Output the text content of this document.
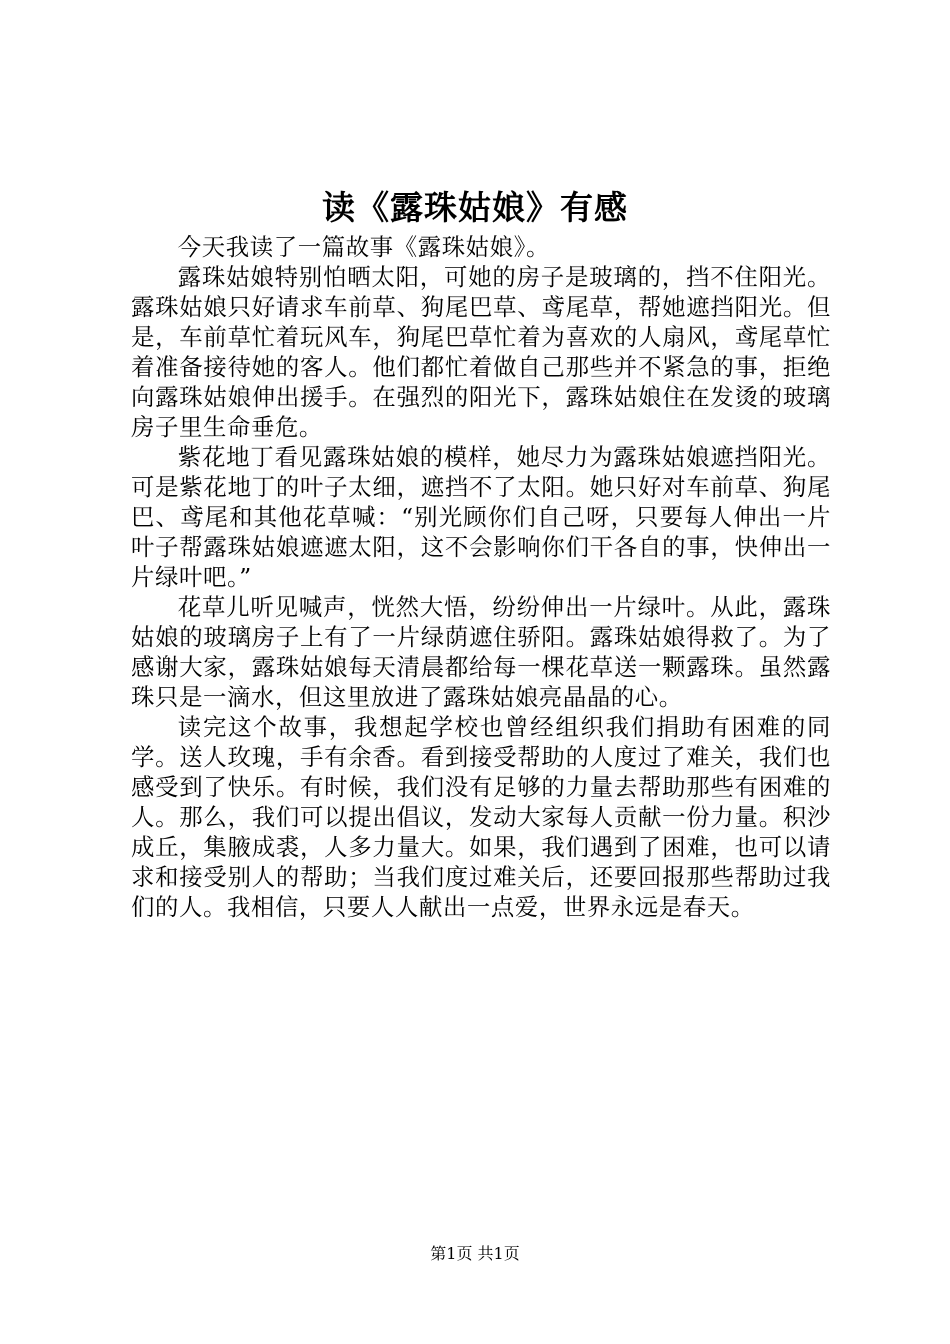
读《露珠姑娘》有感

今天我读了一篇故事《露珠姑娘》。

露珠姑娘特别怕晒太阳，可她的房子是玻璃的，挡不住阳光。露珠姑娘只好请求车前草、狗尾巴草、鸢尾草，帮她遮挡阳光。但是，车前草忙着玩风车，狗尾巴草忙着为喜欢的人扇风，鸢尾草忙着准备接待她的客人。他们都忙着做自己那些并不紧急的事，拒绝向露珠姑娘伸出援手。在强烈的阳光下，露珠姑娘住在发烫的玻璃房子里生命垂危。

紫花地丁看见露珠姑娘的模样，她尽力为露珠姑娘遮挡阳光。可是紫花地丁的叶子太细，遮挡不了太阳。她只好对车前草、狗尾巴、鸢尾和其他花草喊：“别光顾你们自己呀，只要每人伸出一片叶子帮露珠姑娘遮遮太阳，这不会影响你们干各自的事，快伸出一片绿叶吧。”

花草儿听见喊声，恍然大悟，纷纷伸出一片绿叶。从此，露珠姑娘的玻璃房子上有了一片绿荫遮住骄阳。露珠姑娘得救了。为了感谢大家，露珠姑娘每天清晨都给每一棵花草送一颗露珠。虽然露珠只是一滴水，但这里放进了露珠姑娘亮晶晶的心。

读完这个故事，我想起学校也曾经组织我们捐助有困难的同学。送人玫瑰，手有余香。看到接受帮助的人度过了难关，我们也感受到了快乐。有时候，我们没有足够的力量去帮助那些有困难的人。那么，我们可以提出倡议，发动大家每人贡献一份力量。积沙成丘，集腋成裘，人多力量大。如果，我们遇到了困难，也可以请求和接受别人的帮助；当我们度过难关后，还要回报那些帮助过我们的人。我相信，只要人人献出一点爱，世界永远是春天。

第1页 共1页
